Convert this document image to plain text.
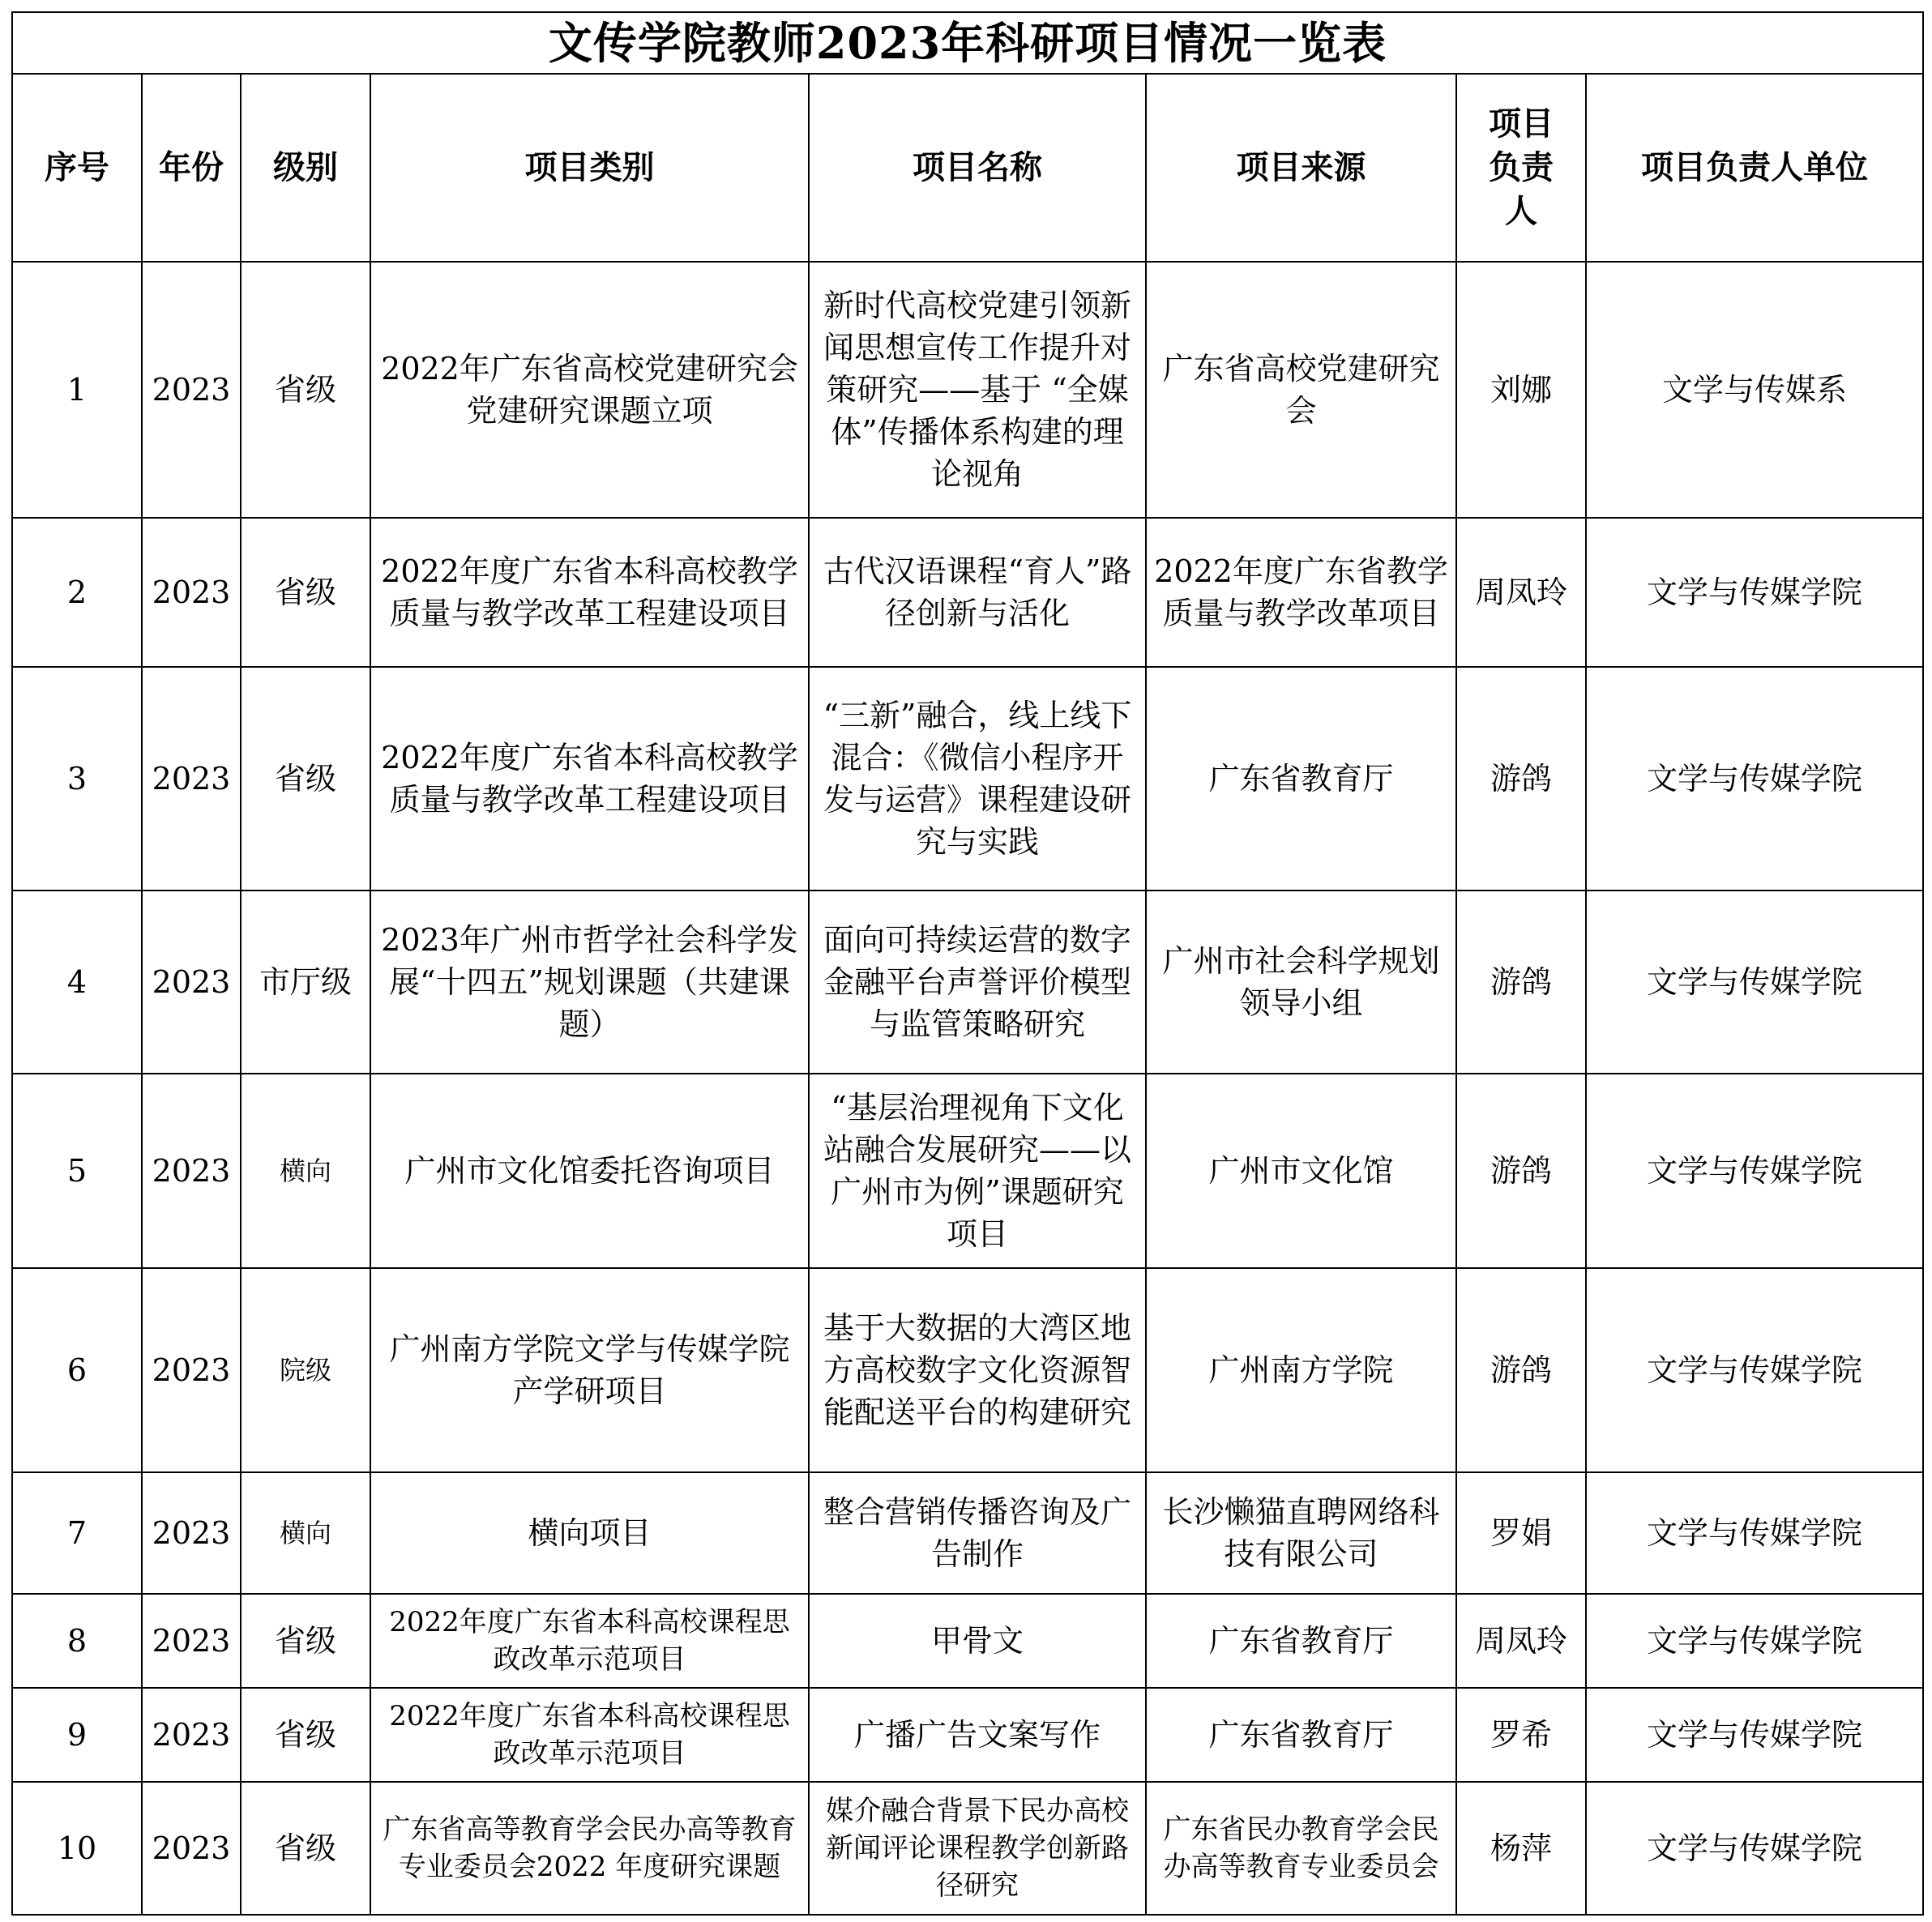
文传学院教师2023年科研项目情况一览表							
序号	年份	级别	项目类别	项目名称	项目来源	项目负责人	项目负责人单位
1	2023	省级	2022年广东省高校党建研究会党建研究课题立项	新时代高校党建引领新闻思想宣传工作提升对策研究——基于 “全媒体”传播体系构建的理论视角	广东省高校党建研究会	刘娜	文学与传媒系
2	2023	省级	2022年度广东省本科高校教学质量与教学改革工程建设项目	古代汉语课程“育人”路径创新与活化	2022年度广东省教学质量与教学改革项目	周凤玲	文学与传媒学院
3	2023	省级	2022年度广东省本科高校教学质量与教学改革工程建设项目	“三新”融合，线上线下混合：《微信小程序开发与运营》课程建设研究与实践	广东省教育厅	游鸽	文学与传媒学院
4	2023	市厅级	2023年广州市哲学社会科学发展“十四五”规划课题（共建课题）	面向可持续运营的数字金融平台声誉评价模型与监管策略研究	广州市社会科学规划领导小组	游鸽	文学与传媒学院
5	2023	横向	广州市文化馆委托咨询项目	“基层治理视角下文化站融合发展研究——以广州市为例”课题研究项目	广州市文化馆	游鸽	文学与传媒学院
6	2023	院级	广州南方学院文学与传媒学院产学研项目	基于大数据的大湾区地方高校数字文化资源智能配送平台的构建研究	广州南方学院	游鸽	文学与传媒学院
7	2023	横向	横向项目	整合营销传播咨询及广告制作	长沙懒猫直聘网络科技有限公司	罗娟	文学与传媒学院
8	2023	省级	2022年度广东省本科高校课程思政改革示范项目	甲骨文	广东省教育厅	周凤玲	文学与传媒学院
9	2023	省级	2022年度广东省本科高校课程思政改革示范项目	广播广告文案写作	广东省教育厅	罗希	文学与传媒学院
10	2023	省级	广东省高等教育学会民办高等教育专业委员会2022 年度研究课题	媒介融合背景下民办高校新闻评论课程教学创新路径研究	广东省民办教育学会民办高等教育专业委员会	杨萍	文学与传媒学院
